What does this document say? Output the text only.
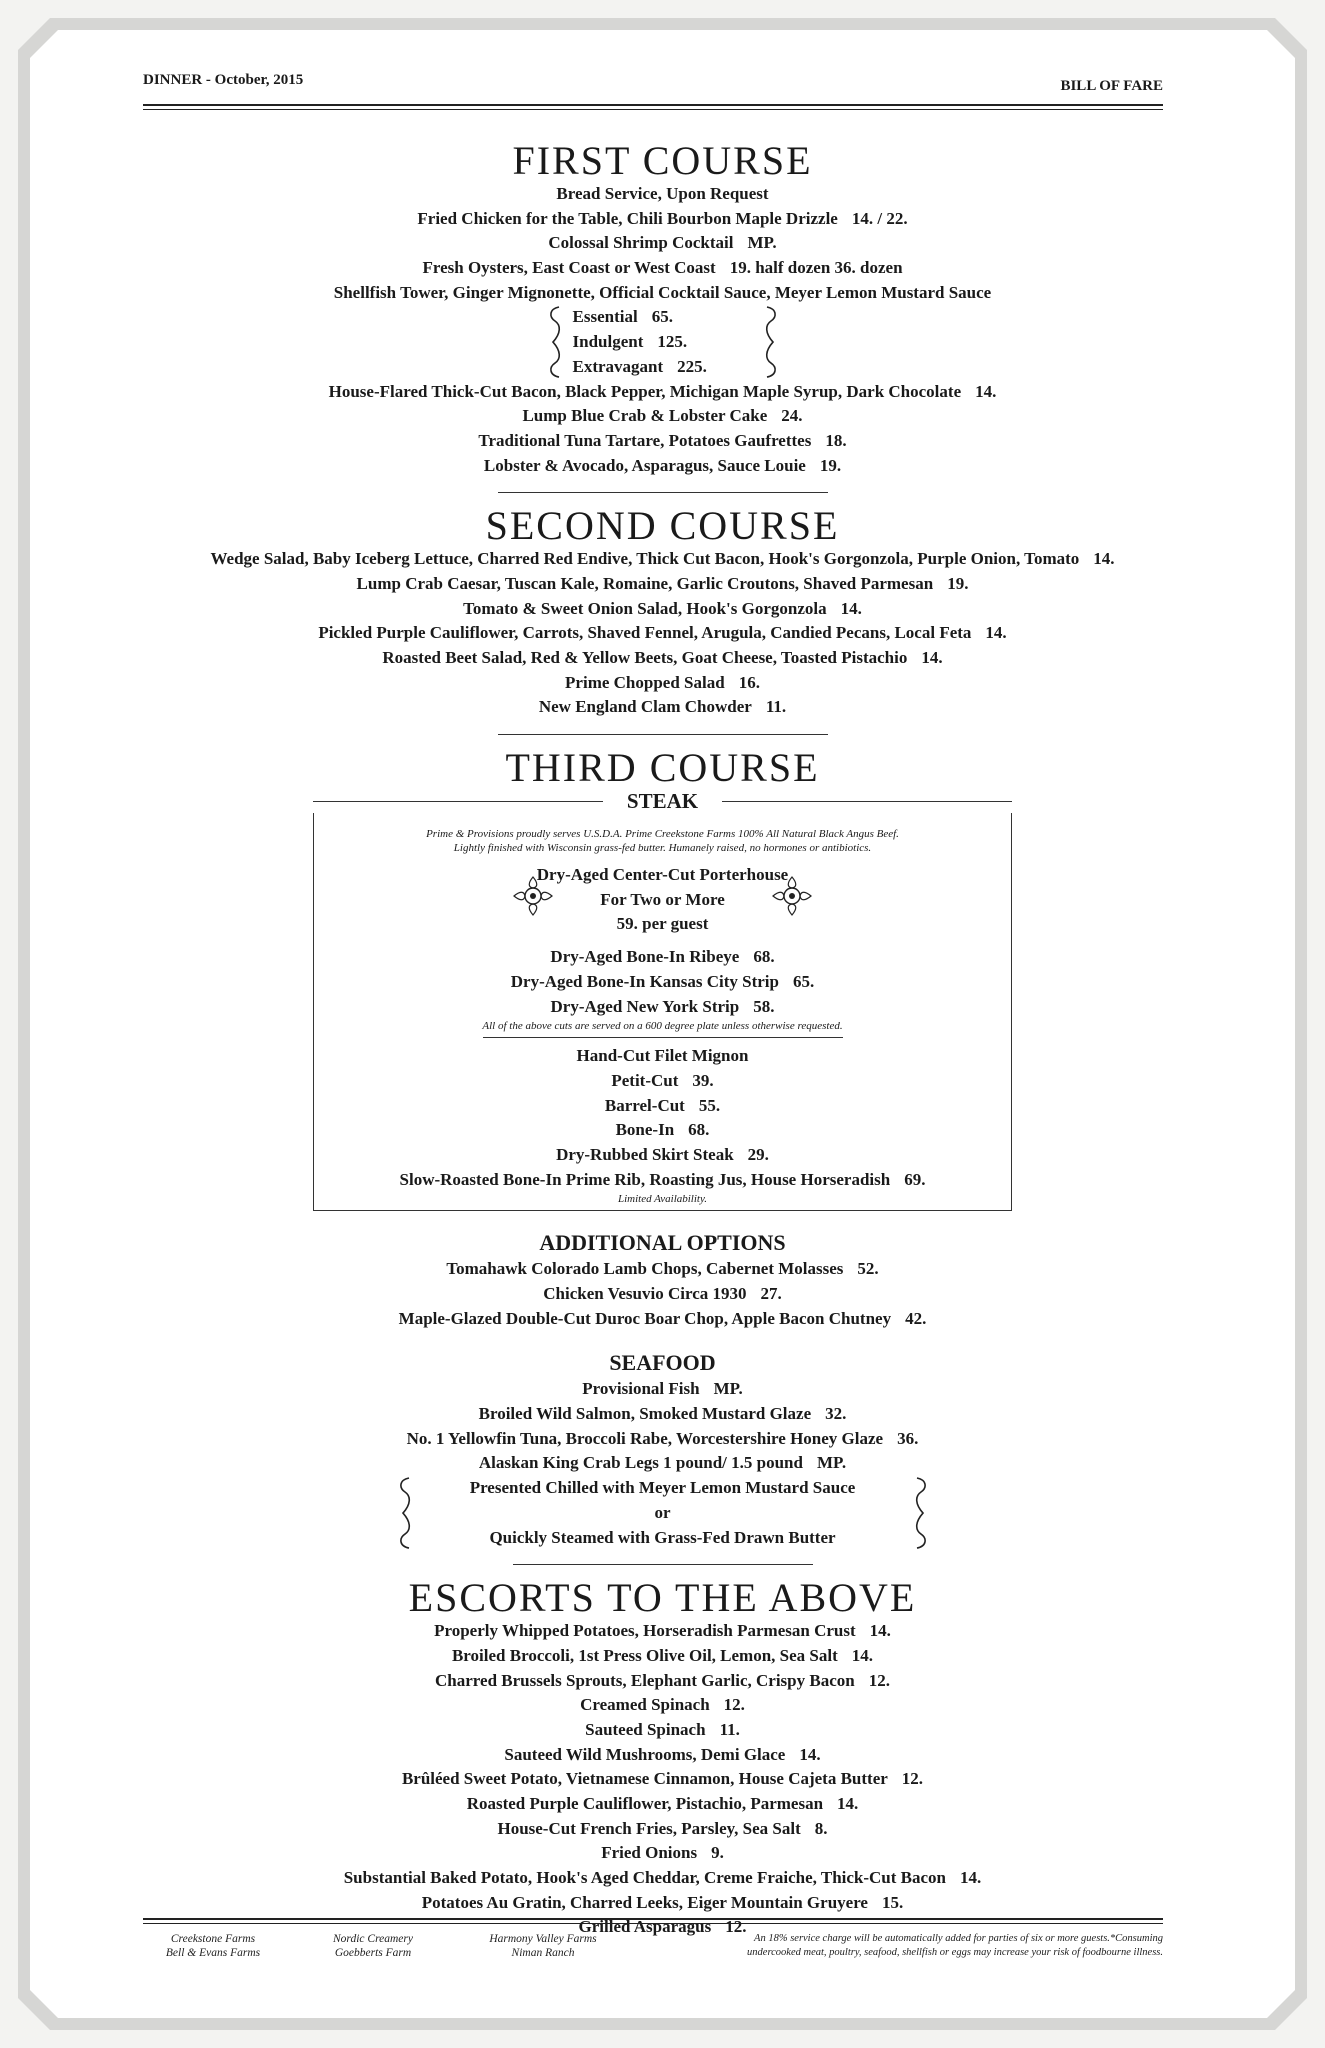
DINNER - October, 2015	BILL OF FARE
FIRST COURSE
Bread Service, Upon Request
Fried Chicken for the Table, Chili Bourbon Maple Drizzle 14. / 22.
Colossal Shrimp Cocktail MP.
Fresh Oysters, East Coast or West Coast 19. half dozen 36. dozen
Shellfish Tower, Ginger Mignonette, Official Cocktail Sauce, Meyer Lemon Mustard Sauce
Essential 65.
Indulgent 125.
Extravagant 225.
House-Flared Thick-Cut Bacon, Black Pepper, Michigan Maple Syrup, Dark Chocolate 14.
Lump Blue Crab & Lobster Cake 24.
Traditional Tuna Tartare, Potatoes Gaufrettes 18.
Lobster & Avocado, Asparagus, Sauce Louie 19.
SECOND COURSE
Wedge Salad, Baby Iceberg Lettuce, Charred Red Endive, Thick Cut Bacon, Hook's Gorgonzola, Purple Onion, Tomato 14.
Lump Crab Caesar, Tuscan Kale, Romaine, Garlic Croutons, Shaved Parmesan 19.
Tomato & Sweet Onion Salad, Hook's Gorgonzola 14.
Pickled Purple Cauliflower, Carrots, Shaved Fennel, Arugula, Candied Pecans, Local Feta 14.
Roasted Beet Salad, Red & Yellow Beets, Goat Cheese, Toasted Pistachio 14.
Prime Chopped Salad 16.
New England Clam Chowder 11.
THIRD COURSE
STEAK
Prime & Provisions proudly serves U.S.D.A. Prime Creekstone Farms 100% All Natural Black Angus Beef.
Lightly finished with Wisconsin grass-fed butter. Humanely raised, no hormones or antibiotics.
Dry-Aged Center-Cut Porterhouse
For Two or More
59. per guest
Dry-Aged Bone-In Ribeye 68.
Dry-Aged Bone-In Kansas City Strip 65.
Dry-Aged New York Strip 58.
All of the above cuts are served on a 600 degree plate unless otherwise requested.
Hand-Cut Filet Mignon
Petit-Cut 39.
Barrel-Cut 55.
Bone-In 68.
Dry-Rubbed Skirt Steak 29.
Slow-Roasted Bone-In Prime Rib, Roasting Jus, House Horseradish 69.
Limited Availability.
ADDITIONAL OPTIONS
Tomahawk Colorado Lamb Chops, Cabernet Molasses 52.
Chicken Vesuvio Circa 1930 27.
Maple-Glazed Double-Cut Duroc Boar Chop, Apple Bacon Chutney 42.
SEAFOOD
Provisional Fish MP.
Broiled Wild Salmon, Smoked Mustard Glaze 32.
No. 1 Yellowfin Tuna, Broccoli Rabe, Worcestershire Honey Glaze 36.
Alaskan King Crab Legs 1 pound/ 1.5 pound MP.
Presented Chilled with Meyer Lemon Mustard Sauce
or
Quickly Steamed with Grass-Fed Drawn Butter
ESCORTS TO THE ABOVE
Properly Whipped Potatoes, Horseradish Parmesan Crust 14.
Broiled Broccoli, 1st Press Olive Oil, Lemon, Sea Salt 14.
Charred Brussels Sprouts, Elephant Garlic, Crispy Bacon 12.
Creamed Spinach 12.
Sauteed Spinach 11.
Sauteed Wild Mushrooms, Demi Glace 14.
Brûléed Sweet Potato, Vietnamese Cinnamon, House Cajeta Butter 12.
Roasted Purple Cauliflower, Pistachio, Parmesan 14.
House-Cut French Fries, Parsley, Sea Salt 8.
Fried Onions 9.
Substantial Baked Potato, Hook's Aged Cheddar, Creme Fraiche, Thick-Cut Bacon 14.
Potatoes Au Gratin, Charred Leeks, Eiger Mountain Gruyere 15.
Grilled Asparagus 12.
Creekstone Farms
Bell & Evans Farms
Nordic Creamery
Goebberts Farm
Harmony Valley Farms
Niman Ranch
An 18% service charge will be automatically added for parties of six or more guests.*Consuming
undercooked meat, poultry, seafood, shellfish or eggs may increase your risk of foodbourne illness.
